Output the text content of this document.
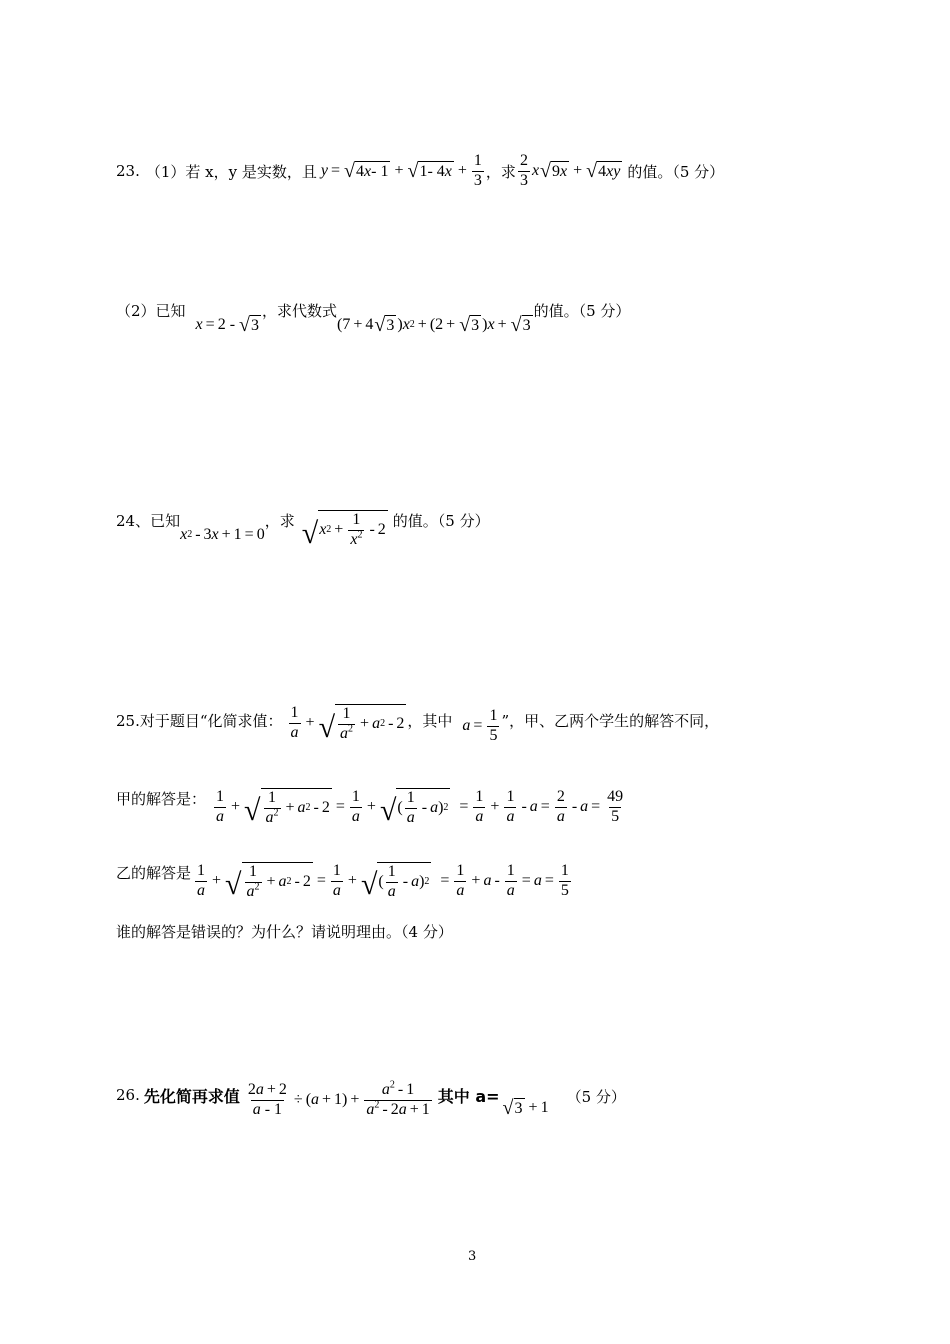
23. （1）若 x，y 是实数，且 y = √ 4 x - 1 + √ 1- 4 $x + \frac{1}{3}$ ，求 $\frac{2}{3}$ x √ 9 x + √ 4 xy 的值。（5 分）
（2）已知
x = 2 - √ 3
，求代数式
(7 + 4 √ 3 ) x 2 + (2 + √ 3 ) x + √ 3
的值。（5 分）
24、已知
x 2 - 3 x + 1 = 0
，求 √ x $2 + \frac{1}{x^2} - 2$ 的值。（5 分）
25.对于题目“化简求值： $\frac{1}{a}$ + √ $\frac{1}{a^2} + a$ 2 - 2 ，其中 $a = \frac{1}{5}$ ”，甲、乙两个学生的解答不同，
甲的解答是： $\frac{1}{a}$ + √ $\frac{1}{a^2} + a$ $2 - 2 = \frac{1}{a}$ + √ ( $\frac{1}{a}$ - a ) $2 = \frac{1}{a} + \frac{1}{a} - a = \frac{2}{a} - a = \frac{49}{5}$
乙的解答是 $\frac{1}{a}$ + √ $\frac{1}{a^2} + a$ $2 - 2 = \frac{1}{a}$ + √ ( $\frac{1}{a}$ - a ) $2 = \frac{1}{a} + a - \frac{1}{a} = a = \frac{1}{5}$
谁的解答是错误的？为什么？请说明理由。（4 分）
26. 先化简再求值 $\frac{2a + 2}{a - 1}$ ÷ ( $a + 1) + \frac{a^2 - 1}{a^2 - 2a + 1}$ 其中 a=
√ 3 + 1
（5 分）
3
